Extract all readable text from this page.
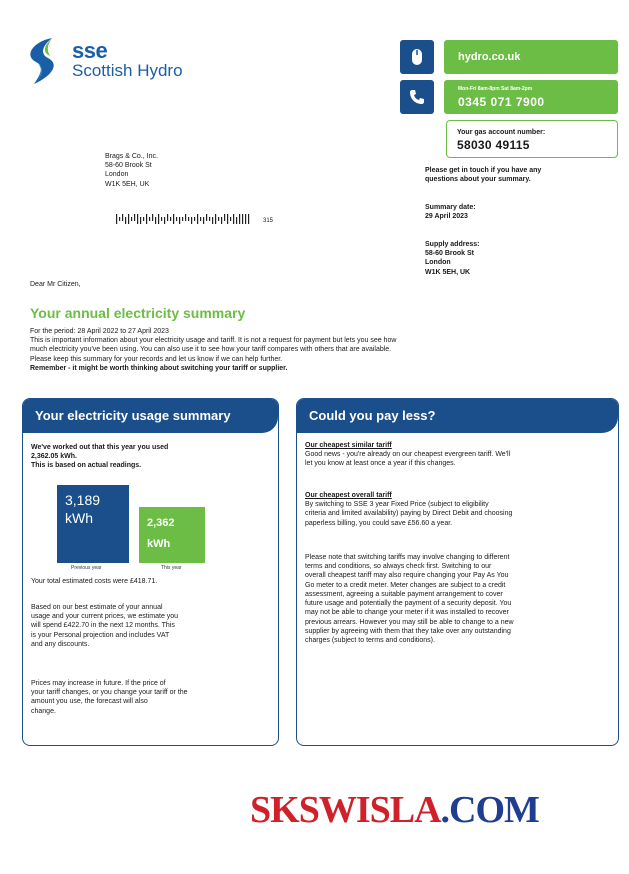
sse
Scottish Hydro
hydro.co.uk
Mon-Fri 8am-8pm Sat 8am-2pm
0345 071 7900
Your gas account number:
58030 49115
Brags & Co., Inc.
58-60 Brook St
London
W1K 5EH, UK
315
Please get in touch if you have any
questions about your summary.
Summary date:
29 April 2023
Supply address:
58-60 Brook St
London
W1K 5EH, UK
Dear Mr Citizen,
Your annual electricity summary

For the period: 28 April 2022 to 27 April 2023

This is important information about your electricity usage and tariff. It is not a request for payment but lets you see how

much electricity you've been using. You can also use it to see how your tariff compares with others that are available.

Please keep this summary for your records and let us know if we can help further.

Remember - it might be worth thinking about switching your tariff or supplier.

Your electricity usage summary
We've worked out that this year you used
2,362.05 kWh.
This is based on actual readings.
3,189
kWh	2,362
kWh
Previous year	This year
Your total estimated costs were £418.71.
Based on our best estimate of your annual
usage and your current prices, we estimate you
will spend £422.70 in the next 12 months. This
is your Personal projection and includes VAT
and any discounts.
Prices may increase in future. If the price of
your tariff changes, or you change your tariff or the
amount you use, the forecast will also
change.
Could you pay less?
Our cheapest similar tariff
Good news - you're already on our cheapest evergreen tariff. We'll
let you know at least once a year if this changes.
Our cheapest overall tariff
By switching to SSE 3 year Fixed Price (subject to eligibility
criteria and limited availability) paying by Direct Debit and choosing
paperless billing, you could save £56.60 a year.
Please note that switching tariffs may involve changing to different
terms and conditions, so always check first. Switching to our
overall cheapest tariff may also require changing your Pay As You
Go meter to a credit meter. Meter changes are subject to a credit
assessment, agreeing a suitable payment arrangement to cover
future usage and potentially the payment of a security deposit. You
may not be able to change your meter if it was installed to recover
previous arrears. However you may still be able to change to a new
supplier by agreeing with them that they take over any outstanding
charges (subject to terms and conditions).
SKSWISLA.COM
